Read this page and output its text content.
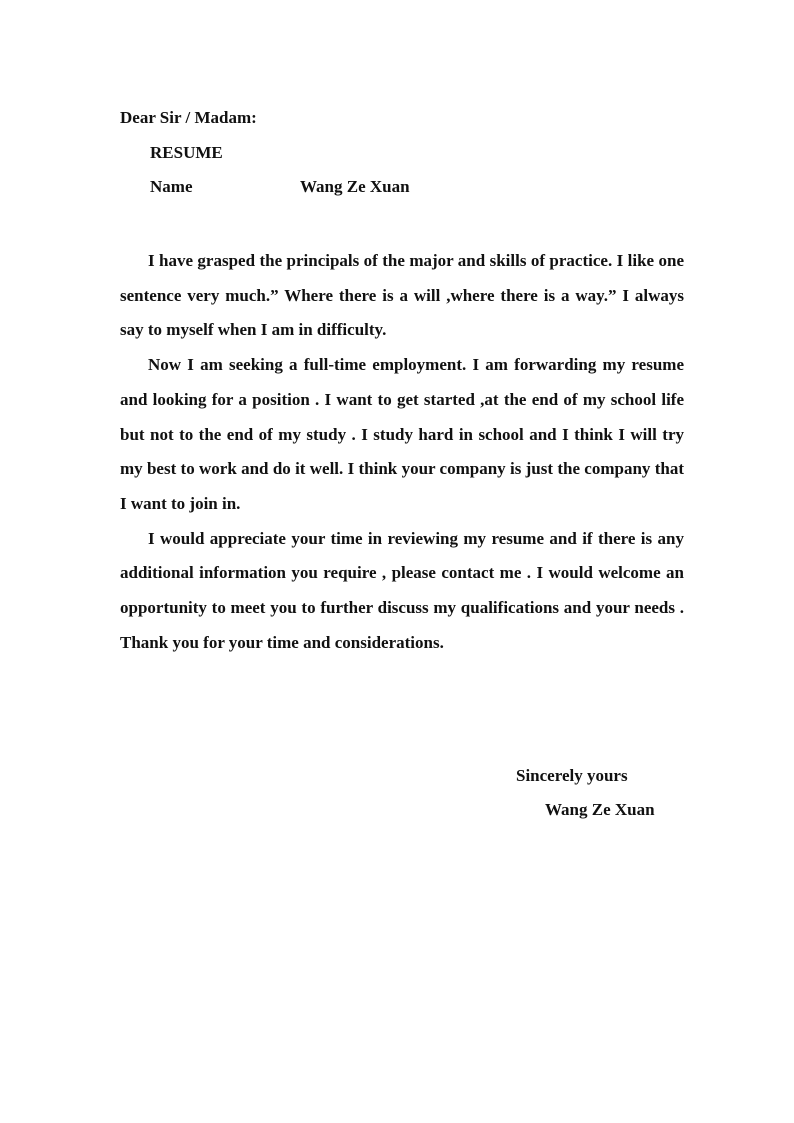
Dear Sir / Madam:
RESUME
Name	Wang Ze Xuan

I have grasped the principals of the major and skills of practice. I like one sentence very much.” Where there is a will ,where there is a way.” I always say to myself when I am in difficulty.

Now I am seeking a full-time employment. I am forwarding my resume and looking for a position . I want to get started ,at the end of my school life but not to the end of my study . I study hard in school and I think I will try my best to work and do it well. I think your company is just the company that I want to join in.

I would appreciate your time in reviewing my resume and if there is any additional information you require , please contact me . I would welcome an opportunity to meet you to further discuss my qualifications and your needs . Thank you for your time and considerations.

Sincerely yours
Wang Ze Xuan
